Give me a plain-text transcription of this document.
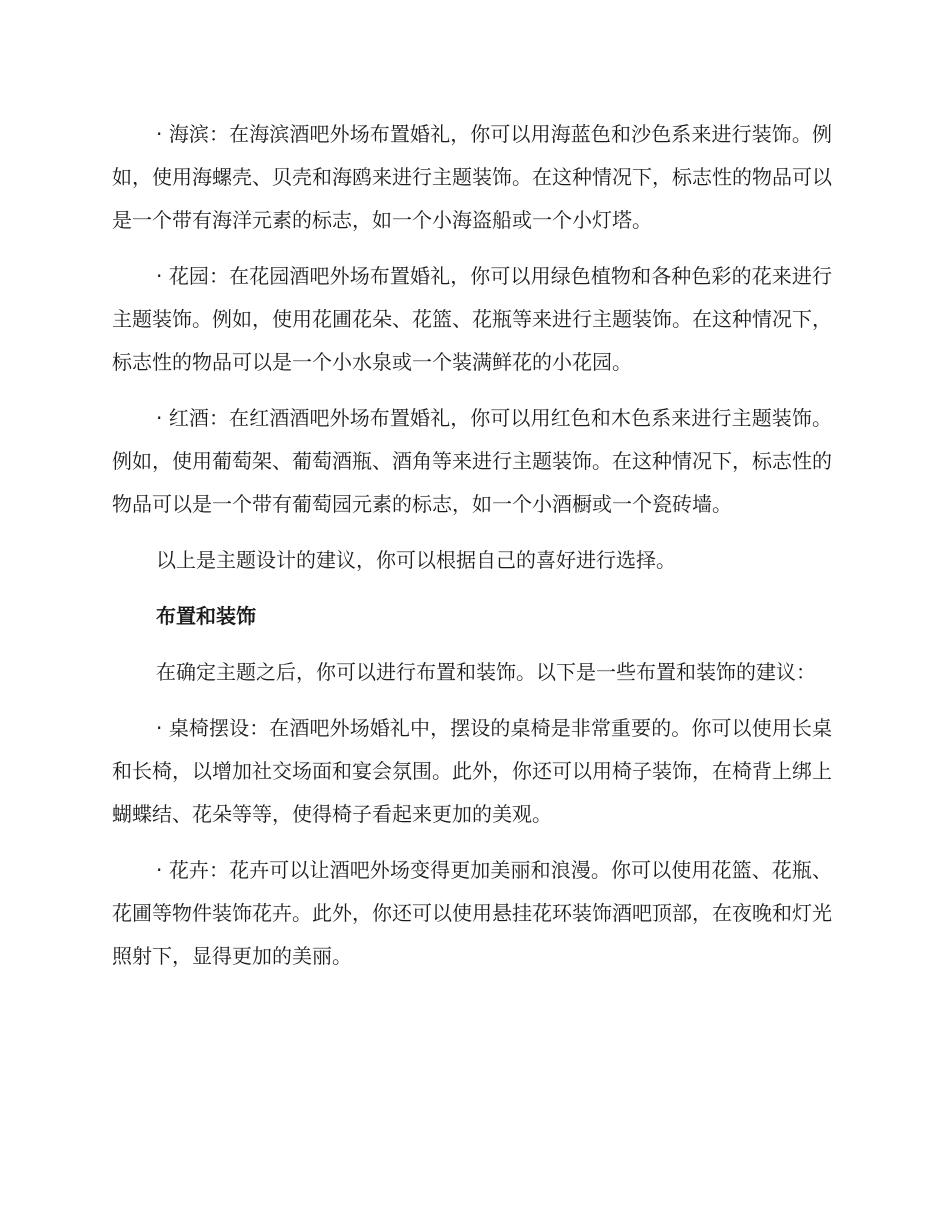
· 海滨：在海滨酒吧外场布置婚礼，你可以用海蓝色和沙色系来进行装饰。例如，使用海螺壳、贝壳和海鸥来进行主题装饰。在这种情况下，标志性的物品可以是一个带有海洋元素的标志，如一个小海盗船或一个小灯塔。

· 花园：在花园酒吧外场布置婚礼，你可以用绿色植物和各种色彩的花来进行主题装饰。例如，使用花圃花朵、花篮、花瓶等来进行主题装饰。在这种情况下，标志性的物品可以是一个小水泉或一个装满鲜花的小花园。

· 红酒：在红酒酒吧外场布置婚礼，你可以用红色和木色系来进行主题装饰。例如，使用葡萄架、葡萄酒瓶、酒角等来进行主题装饰。在这种情况下，标志性的物品可以是一个带有葡萄园元素的标志，如一个小酒橱或一个瓷砖墙。

以上是主题设计的建议，你可以根据自己的喜好进行选择。

布置和装饰

在确定主题之后，你可以进行布置和装饰。以下是一些布置和装饰的建议：

· 桌椅摆设：在酒吧外场婚礼中，摆设的桌椅是非常重要的。你可以使用长桌和长椅，以增加社交场面和宴会氛围。此外，你还可以用椅子装饰，在椅背上绑上蝴蝶结、花朵等等，使得椅子看起来更加的美观。

· 花卉：花卉可以让酒吧外场变得更加美丽和浪漫。你可以使用花篮、花瓶、花圃等物件装饰花卉。此外，你还可以使用悬挂花环装饰酒吧顶部，在夜晚和灯光照射下，显得更加的美丽。
